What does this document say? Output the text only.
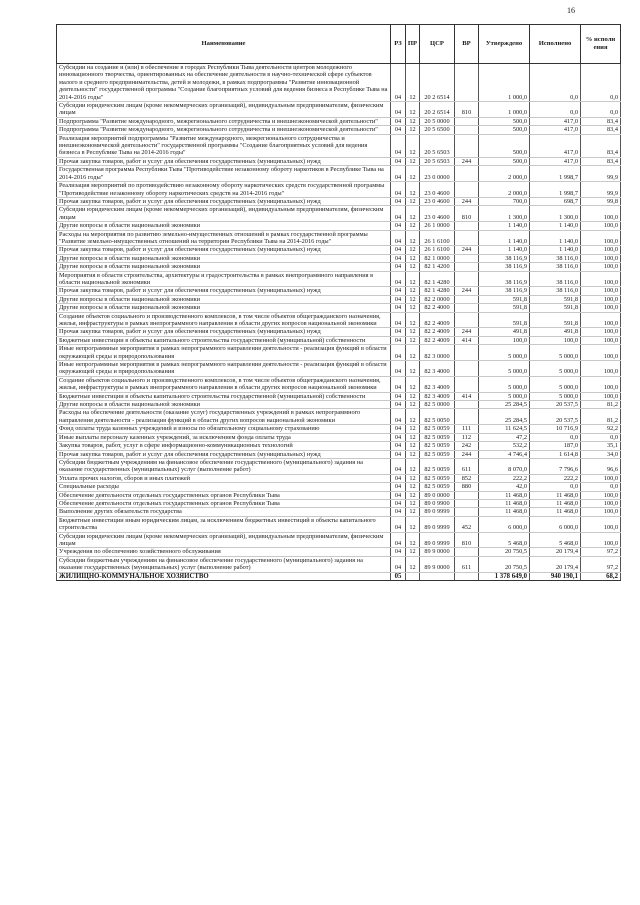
16
Наименование	РЗ	ПР	ЦСР	ВР	Утверждено	Исполнено	% исполн ения
Субсидии на создание и (или) в обеспечение в городах Республики Тыва деятельности центров молодежного инновационного творчества, ориентированных на обеспечение деятельности в научно-технической сфере субъектов малого и среднего предпринимательства, детей и молодежи, в рамках подпрограммы "Развитие инновационной деятельности" государственной программы "Создание благоприятных условий для ведения бизнеса в Республике Тыва на 2014-2016 годы"	04	12	20 2 6514		1 000,0	0,0	0,0
Субсидии юридическим лицам (кроме некоммерческих организаций), индивидуальным предпринимателям, физическим лицам	04	12	20 2 6514	810	1 000,0	0,0	0,0
Подпрограмма "Развитие международного, межрегионального сотрудничества и внешнеэкономической деятельности"	04	12	20 5 0000		500,0	417,0	83,4
Подпрограмма "Развитие международного, межрегионального сотрудничества и внешнеэкономической деятельности"	04	12	20 5 6500		500,0	417,0	83,4
Реализация мероприятий подпрограммы "Развитие международного, межрегионального сотрудничества и внешнеэкономической деятельности" государственной программы "Создание благоприятных условий для ведения бизнеса в Республике Тыва на 2014-2016 годы"	04	12	20 5 6503		500,0	417,0	83,4
Прочая закупка товаров, работ и услуг для обеспечения государственных (муниципальных) нужд	04	12	20 5 6503	244	500,0	417,0	83,4
Государственная программа Республики Тыва "Противодействие незаконному обороту наркотиков в Республике Тыва на 2014-2016 годы"	04	12	23 0 0000		2 000,0	1 998,7	99,9
Реализация мероприятий по противодействию незаконному обороту наркотических средств государственной программы "Противодействие незаконному обороту наркотических средств на 2014-2016 годы"	04	12	23 0 4600		2 000,0	1 998,7	99,9
Прочая закупка товаров, работ и услуг для обеспечения государственных (муниципальных) нужд	04	12	23 0 4600	244	700,0	698,7	99,8
Субсидии юридическим лицам (кроме некоммерческих организаций), индивидуальным предпринимателям, физическим лицам	04	12	23 0 4600	810	1 300,0	1 300,0	100,0
Другие вопросы в области национальной экономики	04	12	26 1 0000		1 140,0	1 140,0	100,0
Расходы на мероприятия по развитию земельно-имущественных отношений в рамках государственной программы "Развитие земельно-имущественных отношений на территории Республики Тыва на 2014-2016 годы"	04	12	26 1 6100		1 140,0	1 140,0	100,0
Прочая закупка товаров, работ и услуг для обеспечения государственных (муниципальных) нужд	04	12	26 1 6100	244	1 140,0	1 140,0	100,0
Другие вопросы в области национальной экономики	04	12	82 1 0000		38 116,9	38 116,0	100,0
Другие вопросы в области национальной экономики	04	12	82 1 4200		38 116,9	38 116,0	100,0
Мероприятия в области строительства, архитектуры и градостроительства в рамках внепрограммного направления в области национальной экономики	04	12	82 1 4280		38 116,9	38 116,0	100,0
Прочая закупка товаров, работ и услуг для обеспечения государственных (муниципальных) нужд	04	12	82 1 4280	244	38 116,9	38 116,0	100,0
Другие вопросы в области национальной экономики	04	12	82 2 0000		591,8	591,8	100,0
Другие вопросы в области национальной экономики	04	12	82 2 4000		591,8	591,8	100,0
Создание объектов социального и производственного комплексов, в том числе объектов общегражданского назначения, жилья, инфраструктуры в рамках внепрограммного направления в области других вопросов национальной экономики	04	12	82 2 4009		591,8	591,8	100,0
Прочая закупка товаров, работ и услуг для обеспечения государственных (муниципальных) нужд	04	12	82 2 4009	244	491,8	491,8	100,0
Бюджетные инвестиции в объекты капитального строительства государственной (муниципальной) собственности	04	12	82 2 4009	414	100,0	100,0	100,0
Иные непрограммные мероприятия в рамках непрограммного направления деятельности - реализация функций в области окружающей среды и природопользования	04	12	82 3 0000		5 000,0	5 000,0	100,0
Иные непрограммные мероприятия в рамках непрограммного направления деятельности - реализация функций в области окружающей среды и природопользования	04	12	82 3 4000		5 000,0	5 000,0	100,0
Создание объектов социального и производственного комплексов, в том числе объектов общегражданского назначения, жилья, инфраструктуры в рамках внепрограммного направления в области других вопросов национальной экономики	04	12	82 3 4009		5 000,0	5 000,0	100,0
Бюджетные инвестиции в объекты капитального строительства государственной (муниципальной) собственности	04	12	82 3 4009	414	5 000,0	5 000,0	100,0
Другие вопросы в области национальной экономики	04	12	82 5 0000		25 284,5	20 537,5	81,2
Расходы на обеспечение деятельности (оказание услуг) государственных учреждений в рамках непрограммного направления деятельности - реализация функций в области других вопросов национальной экономики	04	12	82 5 0050		25 284,5	20 537,5	81,2
Фонд оплаты труда казенных учреждений и взносы по обязательному социальному страхованию	04	12	82 5 0059	111	11 624,5	10 716,9	92,2
Иные выплаты персоналу казенных учреждений, за исключением фонда оплаты труда	04	12	82 5 0059	112	47,2	0,0	0,0
Закупка товаров, работ, услуг в сфере информационно-коммуникационных технологий	04	12	82 5 0059	242	532,2	187,0	35,1
Прочая закупка товаров, работ и услуг для обеспечения государственных (муниципальных) нужд	04	12	82 5 0059	244	4 746,4	1 614,8	34,0
Субсидии бюджетным учреждениям на финансовое обеспечение государственного (муниципального) задания на оказание государственных (муниципальных) услуг (выполнение работ)	04	12	82 5 0059	611	8 070,0	7 796,6	96,6
Уплата прочих налогов, сборов и иных платежей	04	12	82 5 0059	852	222,2	222,2	100,0
Специальные расходы	04	12	82 5 0059	880	42,0	0,0	0,0
Обеспечение деятельности отдельных государственных органов Республики Тыва	04	12	89 0 0000		11 468,0	11 468,0	100,0
Обеспечение деятельности отдельных государственных органов Республики Тыва	04	12	89 0 9900		11 468,0	11 468,0	100,0
Выполнение других обязательств государства	04	12	89 0 9999		11 468,0	11 468,0	100,0
Бюджетные инвестиции иным юридическим лицам, за исключением бюджетных инвестиций в объекты капитального строительства	04	12	89 0 9999	452	6 000,0	6 000,0	100,0
Субсидии юридическим лицам (кроме некоммерческих организаций), индивидуальным предпринимателям, физическим лицам	04	12	89 0 9999	810	5 468,0	5 468,0	100,0
Учреждения по обеспечению хозяйственного обслуживания	04	12	89 9 0000		20 750,5	20 179,4	97,2
Субсидии бюджетным учреждениям на финансовое обеспечение государственного (муниципального) задания на оказание государственных (муниципальных) услуг (выполнение работ)	04	12	89 9 0000	611	20 750,5	20 179,4	97,2
ЖИЛИЩНО-КОММУНАЛЬНОЕ ХОЗЯЙСТВО	05				1 378 649,0	940 190,1	68,2
